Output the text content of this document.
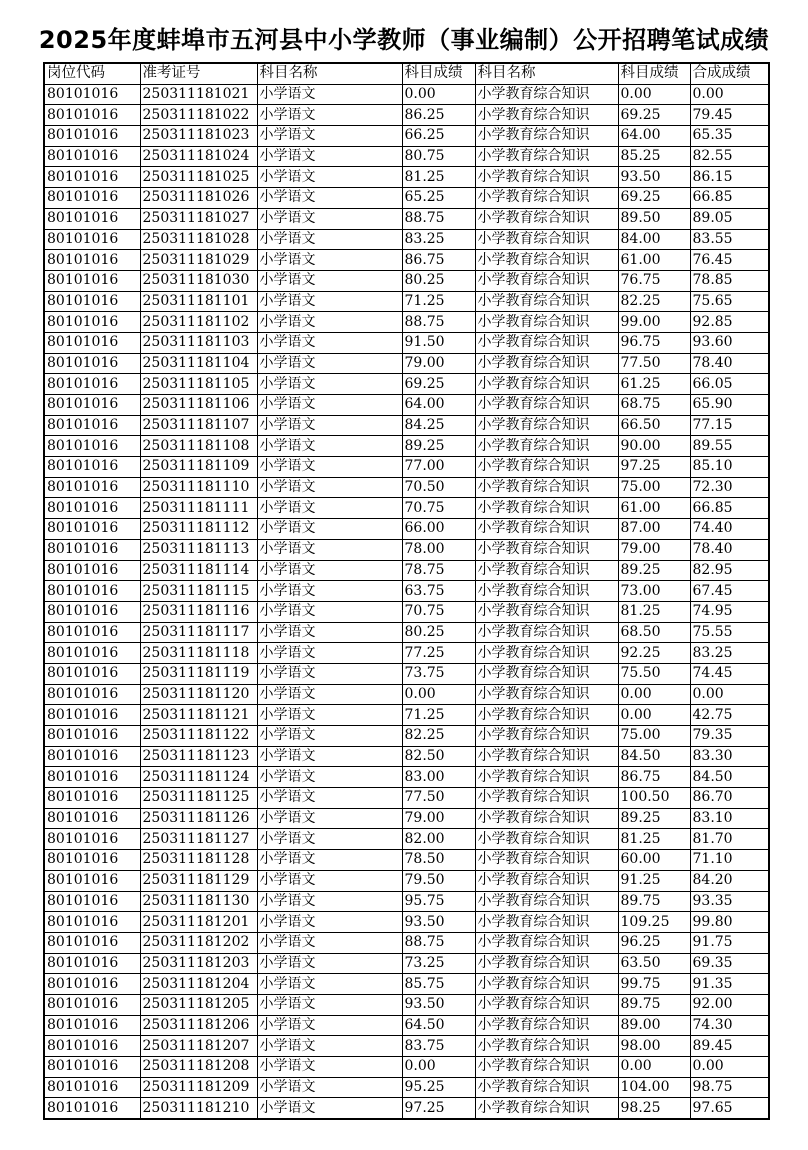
2025年度蚌埠市五河县中小学教师（事业编制）公开招聘笔试成绩
岗位代码	准考证号	科目名称	科目成绩	科目名称	科目成绩	合成成绩
80101016	250311181021	小学语文	0.00	小学教育综合知识	0.00	0.00
80101016	250311181022	小学语文	86.25	小学教育综合知识	69.25	79.45
80101016	250311181023	小学语文	66.25	小学教育综合知识	64.00	65.35
80101016	250311181024	小学语文	80.75	小学教育综合知识	85.25	82.55
80101016	250311181025	小学语文	81.25	小学教育综合知识	93.50	86.15
80101016	250311181026	小学语文	65.25	小学教育综合知识	69.25	66.85
80101016	250311181027	小学语文	88.75	小学教育综合知识	89.50	89.05
80101016	250311181028	小学语文	83.25	小学教育综合知识	84.00	83.55
80101016	250311181029	小学语文	86.75	小学教育综合知识	61.00	76.45
80101016	250311181030	小学语文	80.25	小学教育综合知识	76.75	78.85
80101016	250311181101	小学语文	71.25	小学教育综合知识	82.25	75.65
80101016	250311181102	小学语文	88.75	小学教育综合知识	99.00	92.85
80101016	250311181103	小学语文	91.50	小学教育综合知识	96.75	93.60
80101016	250311181104	小学语文	79.00	小学教育综合知识	77.50	78.40
80101016	250311181105	小学语文	69.25	小学教育综合知识	61.25	66.05
80101016	250311181106	小学语文	64.00	小学教育综合知识	68.75	65.90
80101016	250311181107	小学语文	84.25	小学教育综合知识	66.50	77.15
80101016	250311181108	小学语文	89.25	小学教育综合知识	90.00	89.55
80101016	250311181109	小学语文	77.00	小学教育综合知识	97.25	85.10
80101016	250311181110	小学语文	70.50	小学教育综合知识	75.00	72.30
80101016	250311181111	小学语文	70.75	小学教育综合知识	61.00	66.85
80101016	250311181112	小学语文	66.00	小学教育综合知识	87.00	74.40
80101016	250311181113	小学语文	78.00	小学教育综合知识	79.00	78.40
80101016	250311181114	小学语文	78.75	小学教育综合知识	89.25	82.95
80101016	250311181115	小学语文	63.75	小学教育综合知识	73.00	67.45
80101016	250311181116	小学语文	70.75	小学教育综合知识	81.25	74.95
80101016	250311181117	小学语文	80.25	小学教育综合知识	68.50	75.55
80101016	250311181118	小学语文	77.25	小学教育综合知识	92.25	83.25
80101016	250311181119	小学语文	73.75	小学教育综合知识	75.50	74.45
80101016	250311181120	小学语文	0.00	小学教育综合知识	0.00	0.00
80101016	250311181121	小学语文	71.25	小学教育综合知识	0.00	42.75
80101016	250311181122	小学语文	82.25	小学教育综合知识	75.00	79.35
80101016	250311181123	小学语文	82.50	小学教育综合知识	84.50	83.30
80101016	250311181124	小学语文	83.00	小学教育综合知识	86.75	84.50
80101016	250311181125	小学语文	77.50	小学教育综合知识	100.50	86.70
80101016	250311181126	小学语文	79.00	小学教育综合知识	89.25	83.10
80101016	250311181127	小学语文	82.00	小学教育综合知识	81.25	81.70
80101016	250311181128	小学语文	78.50	小学教育综合知识	60.00	71.10
80101016	250311181129	小学语文	79.50	小学教育综合知识	91.25	84.20
80101016	250311181130	小学语文	95.75	小学教育综合知识	89.75	93.35
80101016	250311181201	小学语文	93.50	小学教育综合知识	109.25	99.80
80101016	250311181202	小学语文	88.75	小学教育综合知识	96.25	91.75
80101016	250311181203	小学语文	73.25	小学教育综合知识	63.50	69.35
80101016	250311181204	小学语文	85.75	小学教育综合知识	99.75	91.35
80101016	250311181205	小学语文	93.50	小学教育综合知识	89.75	92.00
80101016	250311181206	小学语文	64.50	小学教育综合知识	89.00	74.30
80101016	250311181207	小学语文	83.75	小学教育综合知识	98.00	89.45
80101016	250311181208	小学语文	0.00	小学教育综合知识	0.00	0.00
80101016	250311181209	小学语文	95.25	小学教育综合知识	104.00	98.75
80101016	250311181210	小学语文	97.25	小学教育综合知识	98.25	97.65
